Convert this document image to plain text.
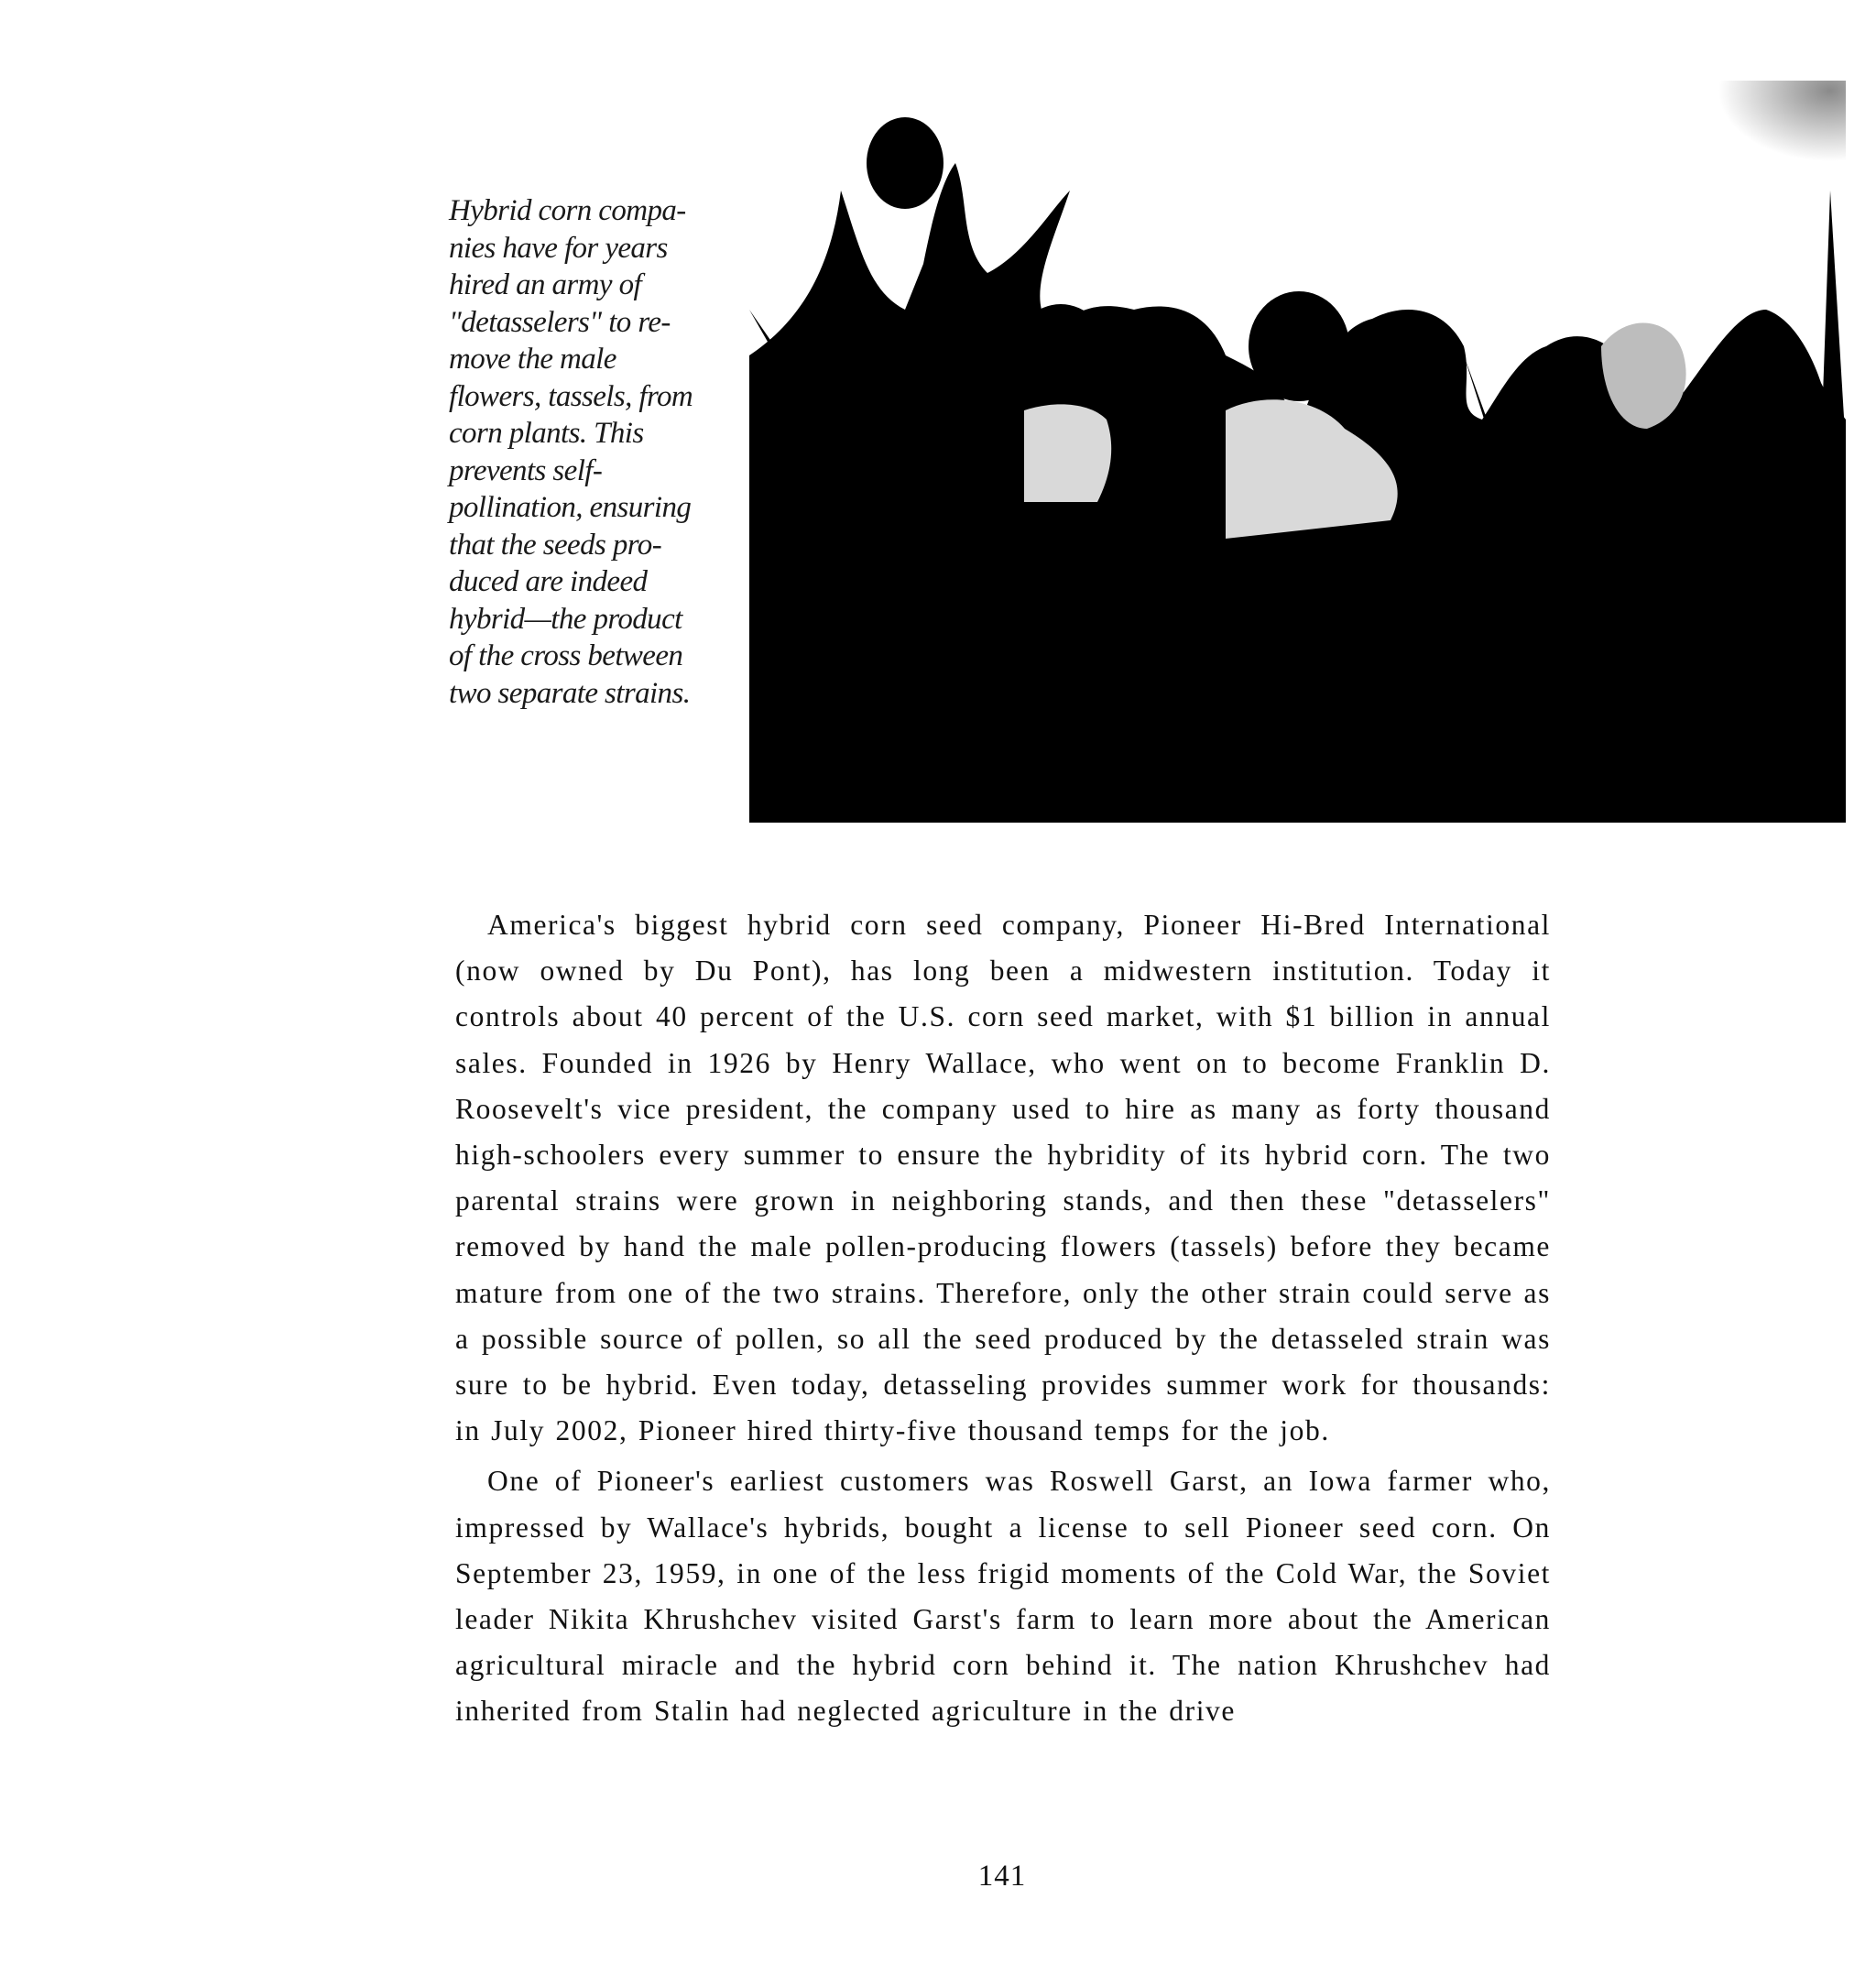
Hybrid corn compa-
nies have for years
hired an army of
"detasselers" to re-
move the male
flowers, tassels, from
corn plants. This
prevents self-
pollination, ensuring
that the seeds pro-
duced are indeed
hybrid—the product
of the cross between
two separate strains.

America's biggest hybrid corn seed company, Pioneer Hi-Bred International (now owned by Du Pont), has long been a midwestern institution. Today it controls about 40 percent of the U.S. corn seed market, with $1 billion in annual sales. Founded in 1926 by Henry Wallace, who went on to become Franklin D. Roosevelt's vice president, the company used to hire as many as forty thousand high-schoolers every summer to ensure the hybridity of its hybrid corn. The two parental strains were grown in neighboring stands, and then these "detasselers" removed by hand the male pollen-producing flowers (tassels) before they became mature from one of the two strains. Therefore, only the other strain could serve as a possible source of pollen, so all the seed produced by the detasseled strain was sure to be hybrid. Even today, detasseling provides summer work for thousands: in July 2002, Pioneer hired thirty-five thousand temps for the job.

One of Pioneer's earliest customers was Roswell Garst, an Iowa farmer who, impressed by Wallace's hybrids, bought a license to sell Pioneer seed corn. On September 23, 1959, in one of the less frigid moments of the Cold War, the Soviet leader Nikita Khrushchev visited Garst's farm to learn more about the American agricultural miracle and the hybrid corn behind it. The nation Khrushchev had inherited from Stalin had neglected agriculture in the drive

141
